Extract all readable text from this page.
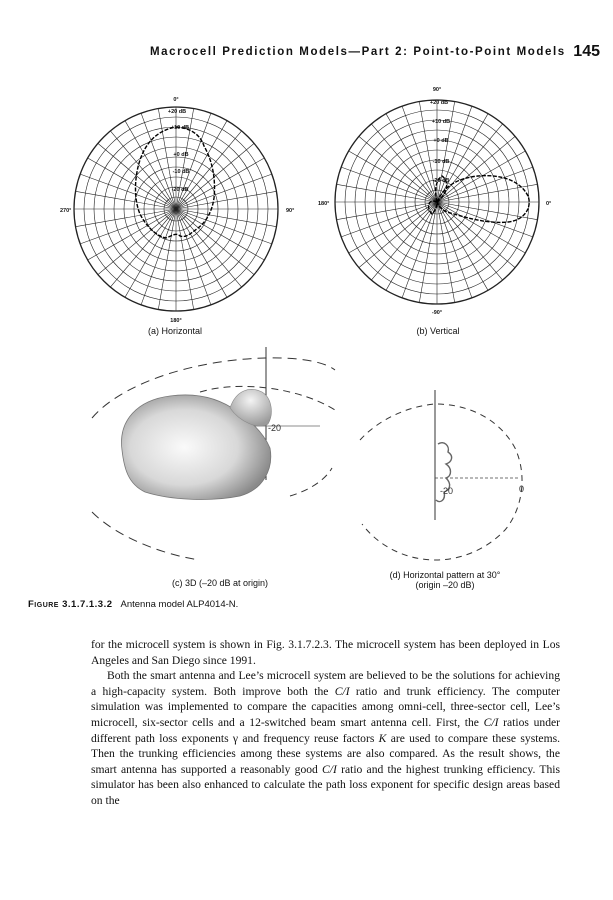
Macrocell Prediction Models—Part 2: Point-to-Point Models 145
-20
-20	0
0°
+20 dB
+10 dB
+0 dB
-10 dB
-20 dB
90°
180°
270°
90°
+20 dB
+10 dB
+0 dB
-10 dB
-20 dB
0°
-90°
180°
(a) Horizontal	(b) Vertical
(c) 3D (–20 dB at origin)
(d) Horizontal pattern at 30°
(origin –20 dB)
Figure 3.1.7.1.3.2 Antenna model ALP4014-N.

for the microcell system is shown in Fig. 3.1.7.2.3. The microcell system has been deployed in Los Angeles and San Diego since 1991.

Both the smart antenna and Lee’s microcell system are believed to be the solutions for achieving a high-capacity system. Both improve both the C/I ratio and trunk efficiency. The computer simulation was implemented to compare the capacities among omni-cell, three-sector cell, Lee’s microcell, six-sector cells and a 12-switched beam smart antenna cell. First, the C/I ratios under different path loss exponents γ and frequency reuse factors K are used to compare these systems. Then the trunking efficiencies among these systems are also compared. As the result shows, the smart antenna has supported a reasonably good C/I ratio and the highest trunking efficiency. This simulator has been also enhanced to calculate the path loss exponent for specific design areas based on the
